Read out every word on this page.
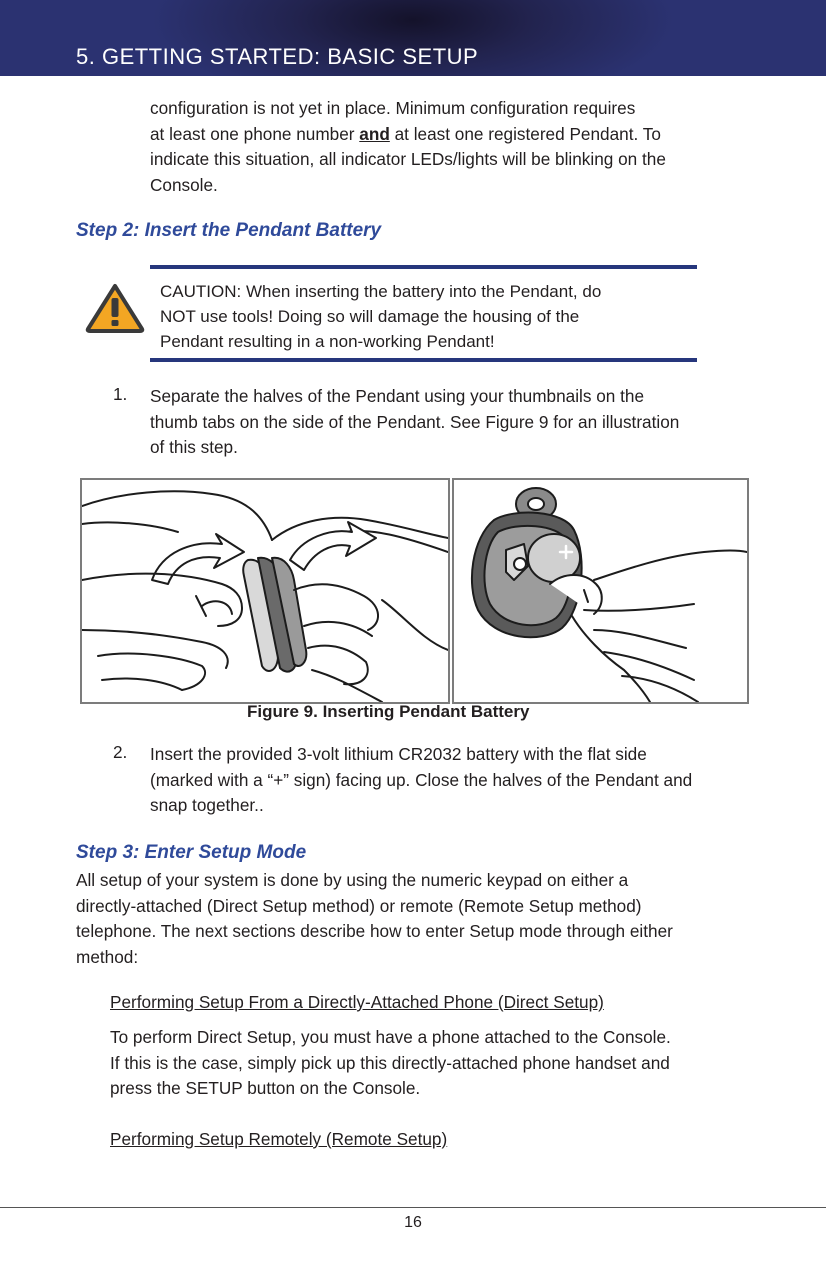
5. GETTING STARTED: BASIC SETUP
configuration is not yet in place. Minimum configuration requires
at least one phone number and at least one registered Pendant. To
indicate this situation, all indicator LEDs/lights will be blinking on the
Console.
Step 2: Insert the Pendant Battery
CAUTION: When inserting the battery into the Pendant, do
NOT use tools! Doing so will damage the housing of the
Pendant resulting in a non-working Pendant!
1. Separate the halves of the Pendant using your thumbnails on the
thumb tabs on the side of the Pendant. See Figure 9 for an illustration
of this step.
Figure 9. Inserting Pendant Battery
2. Insert the provided 3-volt lithium CR2032 battery with the flat side
(marked with a “+” sign) facing up. Close the halves of the Pendant and
snap together..
Step 3: Enter Setup Mode
All setup of your system is done by using the numeric keypad on either a
directly-attached (Direct Setup method) or remote (Remote Setup method)
telephone. The next sections describe how to enter Setup mode through either
method:
Performing Setup From a Directly-Attached Phone (Direct Setup)
To perform Direct Setup, you must have a phone attached to the Console.
If this is the case, simply pick up this directly-attached phone handset and
press the SETUP button on the Console.
Performing Setup Remotely (Remote Setup)
16
